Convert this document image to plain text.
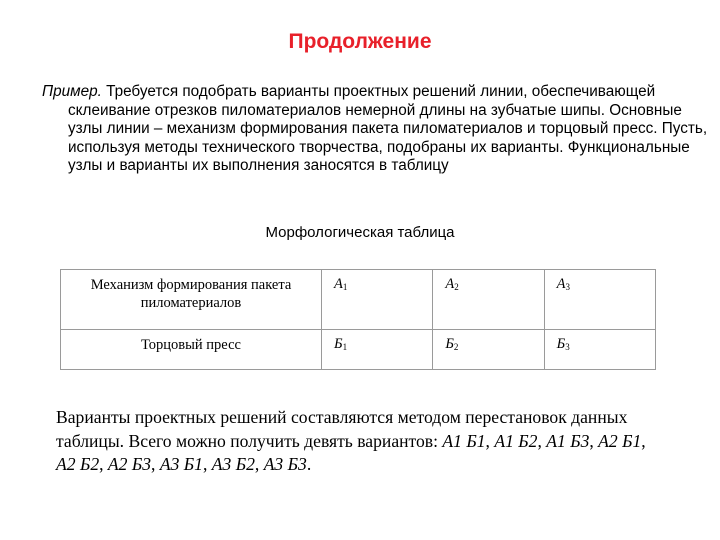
Продолжение
Пример. Требуется подобрать варианты проектных решений линии, обеспечивающей склеивание отрезков пиломатериалов немерной длины на зубчатые шипы. Основные узлы линии – механизм формирования пакета пиломатериалов и торцовый пресс. Пусть, используя методы технического творчества, подобраны их варианты. Функциональные узлы и варианты их выполнения заносятся в таблицу
Морфологическая таблица
Механизм формирования пакета пиломатериалов	$А_1$	$А_2$	$А_3$
Торцовый пресс	$Б_1$	$Б_2$	$Б_3$
Варианты проектных решений составляются методом перестановок данных таблицы. Всего можно получить девять вариантов: А1 Б1, А1 Б2, А1 Б3, А2 Б1, А2 Б2, А2 Б3, А3 Б1, А3 Б2, А3 Б3.
